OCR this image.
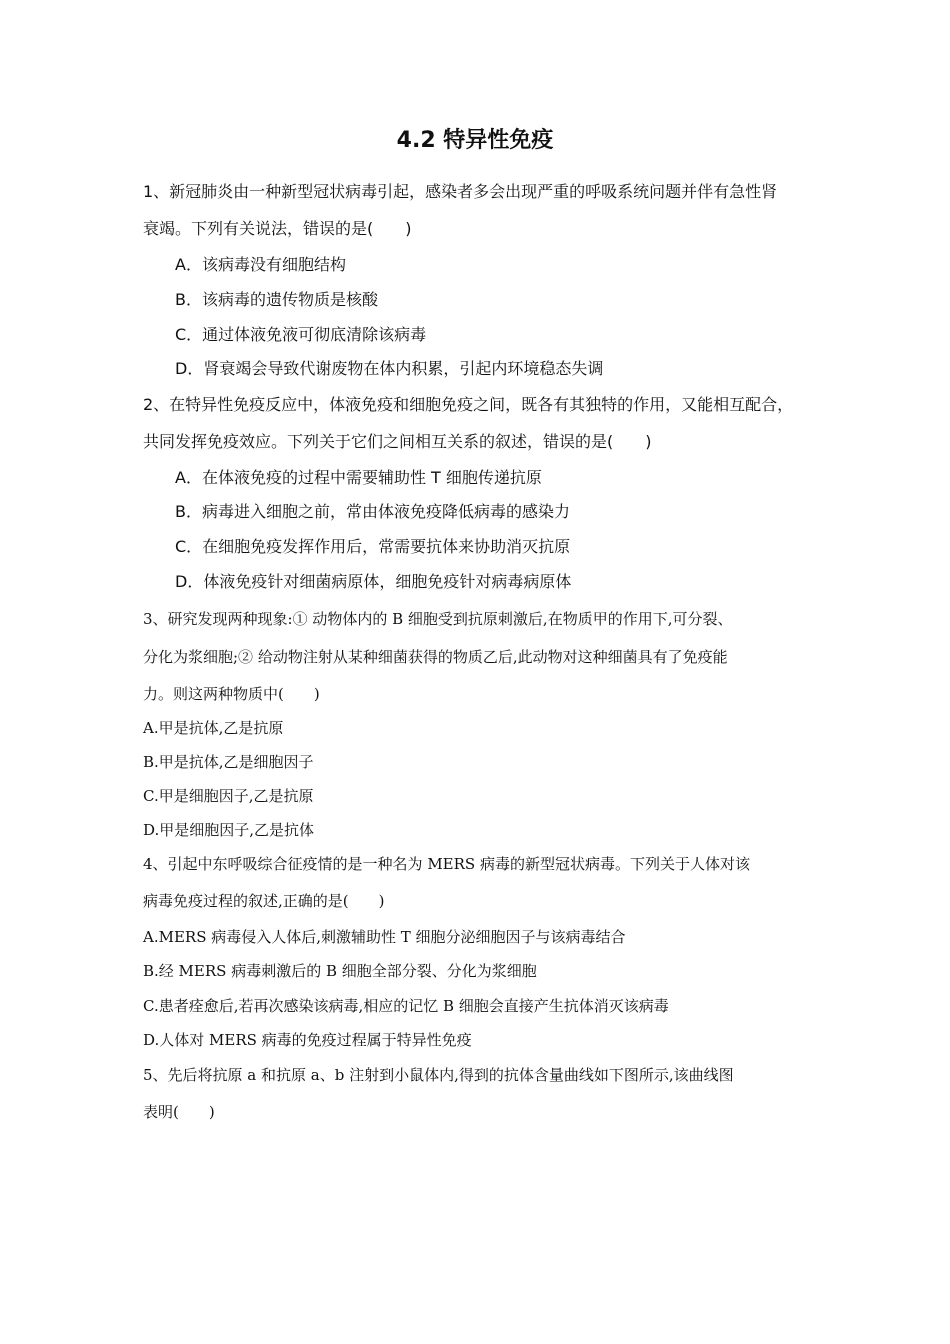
4.2 特异性免疫
1、新冠肺炎由一种新型冠状病毒引起，感染者多会出现严重的呼吸系统问题并伴有急性肾
衰竭。下列有关说法，错误的是(　　)
A．该病毒没有细胞结构
B．该病毒的遗传物质是核酸
C．通过体液免液可彻底清除该病毒
D．肾衰竭会导致代谢废物在体内积累，引起内环境稳态失调
2、在特异性免疫反应中，体液免疫和细胞免疫之间，既各有其独特的作用，又能相互配合，
共同发挥免疫效应。下列关于它们之间相互关系的叙述，错误的是(　　)
A．在体液免疫的过程中需要辅助性 T 细胞传递抗原
B．病毒进入细胞之前，常由体液免疫降低病毒的感染力
C．在细胞免疫发挥作用后，常需要抗体来协助消灭抗原
D．体液免疫针对细菌病原体，细胞免疫针对病毒病原体
3、研究发现两种现象:① 动物体内的 B 细胞受到抗原刺激后,在物质甲的作用下,可分裂、
分化为浆细胞;② 给动物注射从某种细菌获得的物质乙后,此动物对这种细菌具有了免疫能
力。则这两种物质中(　　)
A.甲是抗体,乙是抗原
B.甲是抗体,乙是细胞因子
C.甲是细胞因子,乙是抗原
D.甲是细胞因子,乙是抗体
4、引起中东呼吸综合征疫情的是一种名为 MERS 病毒的新型冠状病毒。下列关于人体对该
病毒免疫过程的叙述,正确的是(　　)
A.MERS 病毒侵入人体后,刺激辅助性 T 细胞分泌细胞因子与该病毒结合
B.经 MERS 病毒刺激后的 B 细胞全部分裂、分化为浆细胞
C.患者痊愈后,若再次感染该病毒,相应的记忆 B 细胞会直接产生抗体消灭该病毒
D.人体对 MERS 病毒的免疫过程属于特异性免疫
5、先后将抗原 a 和抗原 a、b 注射到小鼠体内,得到的抗体含量曲线如下图所示,该曲线图
表明(　　)
